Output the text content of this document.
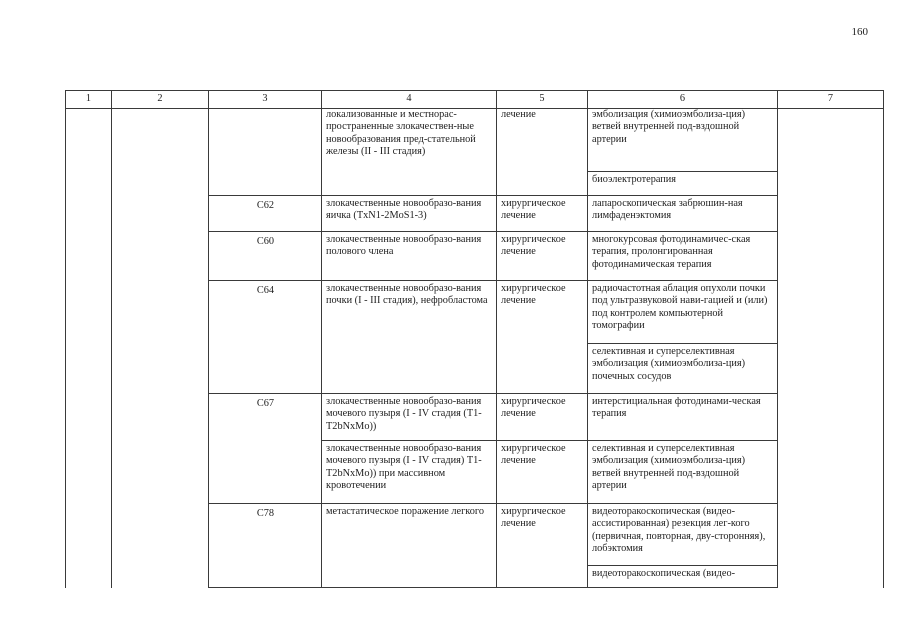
160
1	2	3	4	5	6	7
			локализованные и местнорас-пространенные злокачествен-ные новообразования пред-стательной железы (II - III стадия)	лечение	эмболизация (химиоэмболиза-ция) ветвей внутренней под-вздошной артерии	
					биоэлектротерапия	
		C62	злокачественные новообразо-вания яичка (TxN1-2MoS1-3)	хирургическое лечение	лапароскопическая забрюшин-ная лимфаденэктомия	
		C60	злокачественные новообразо-вания полового члена	хирургическое лечение	многокурсовая фотодинамичес-ская терапия, пролонгированная фотодинамическая терапия	
		C64	злокачественные новообразо-вания почки (I - III стадия), нефробластома	хирургическое лечение	радиочастотная аблация опухоли почки под ультразвуковой нави-гацией и (или) под контролем компьютерной томографии	
					селективная и суперселективная эмболизация (химиоэмболиза-ция) почечных сосудов	
		C67	злокачественные новообразо-вания мочевого пузыря (I - IV стадия (T1-T2bNxMo))	хирургическое лечение	интерстициальная фотодинами-ческая терапия	
			злокачественные новообразо-вания мочевого пузыря (I - IV стадия) T1-T2bNxMo)) при массивном кровотечении	хирургическое лечение	селективная и суперселективная эмболизация (химиоэмболиза-ция) ветвей внутренней под-вздошной артерии	
		C78	метастатическое поражение легкого	хирургическое лечение	видеоторакоскопическая (видео-ассистированная) резекция лег-кого (первичная, повторная, дву-сторонняя), лобэктомия	
					видеоторакоскопическая (видео-	
